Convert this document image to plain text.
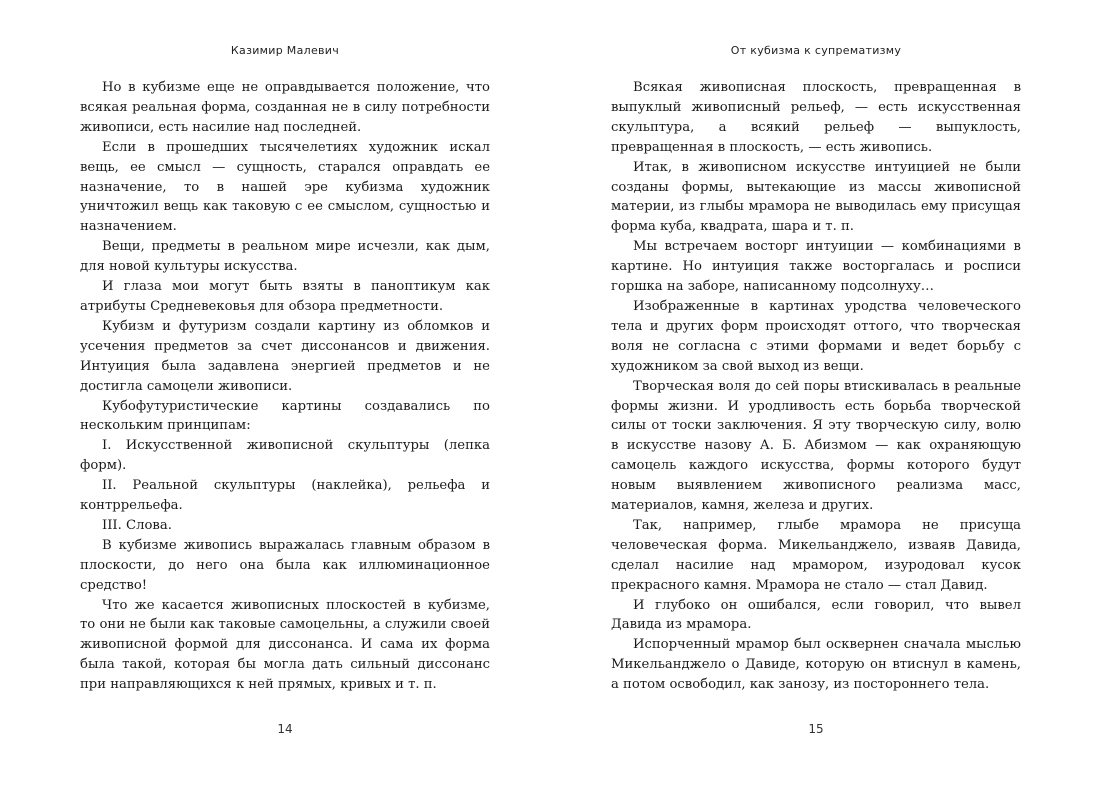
Казимир Малевич

Но в кубизме еще не оправдывается положение, что всякая реальная форма, созданная не в силу потребности живописи, есть насилие над последней.

Если в прошедших тысячелетиях художник искал вещь, ее смысл — сущность, старался оправдать ее назначение, то в нашей эре кубизма художник уничтожил вещь как таковую с ее смыслом, сущностью и назначением.

Вещи, предметы в реальном мире исчезли, как дым, для новой культуры искусства.

И глаза мои могут быть взяты в паноптикум как атрибуты Средневековья для обзора предметности.

Кубизм и футуризм создали картину из обломков и усечения предметов за счет диссонансов и движения. Интуиция была задавлена энергией предметов и не достигла самоцели живописи.

Кубофутуристические картины создавались по нескольким принципам:

I. Искусственной живописной скульптуры (лепка форм).

II. Реальной скульптуры (наклейка), рельефа и контррельефа.

III. Слова.

В кубизме живопись выражалась главным образом в плоскости, до него она была как иллюминационное средство!

Что же касается живописных плоскостей в кубизме, то они не были как таковые самоцельны, а служили своей живописной формой для диссонанса. И сама их форма была такой, которая бы могла дать сильный диссонанс при направляющихся к ней прямых, кривых и т. п.

14
От кубизма к супрематизму

Всякая живописная плоскость, превращенная в выпуклый живописный рельеф, — есть искусственная скульптура, а всякий рельеф — выпуклость, превращенная в плоскость, — есть живопись.

Итак, в живописном искусстве интуицией не были созданы формы, вытекающие из массы живописной материи, из глыбы мрамора не выводилась ему присущая форма куба, квадрата, шара и т. п.

Мы встречаем восторг интуиции — комбинациями в картине. Но интуиция также восторгалась и росписи горшка на заборе, написанному подсолнуху…

Изображенные в картинах уродства человеческого тела и других форм происходят оттого, что творческая воля не согласна с этими формами и ведет борьбу с художником за свой выход из вещи.

Творческая воля до сей поры втискивалась в реальные формы жизни. И уродливость есть борьба творческой силы от тоски заключения. Я эту творческую силу, волю в искусстве назову А. Б. Абизмом — как охраняющую самоцель каждого искусства, формы которого будут новым выявлением живописного реализма масс, материалов, камня, железа и других.

Так, например, глыбе мрамора не присуща человеческая форма. Микельанджело, изваяв Давида, сделал насилие над мрамором, изуродовал кусок прекрасного камня. Мрамора не стало — стал Давид.

И глубоко он ошибался, если говорил, что вывел Давида из мрамора.

Испорченный мрамор был осквернен сначала мыслью Микельанджело о Давиде, которую он втиснул в камень, а потом освободил, как занозу, из постороннего тела.

15
